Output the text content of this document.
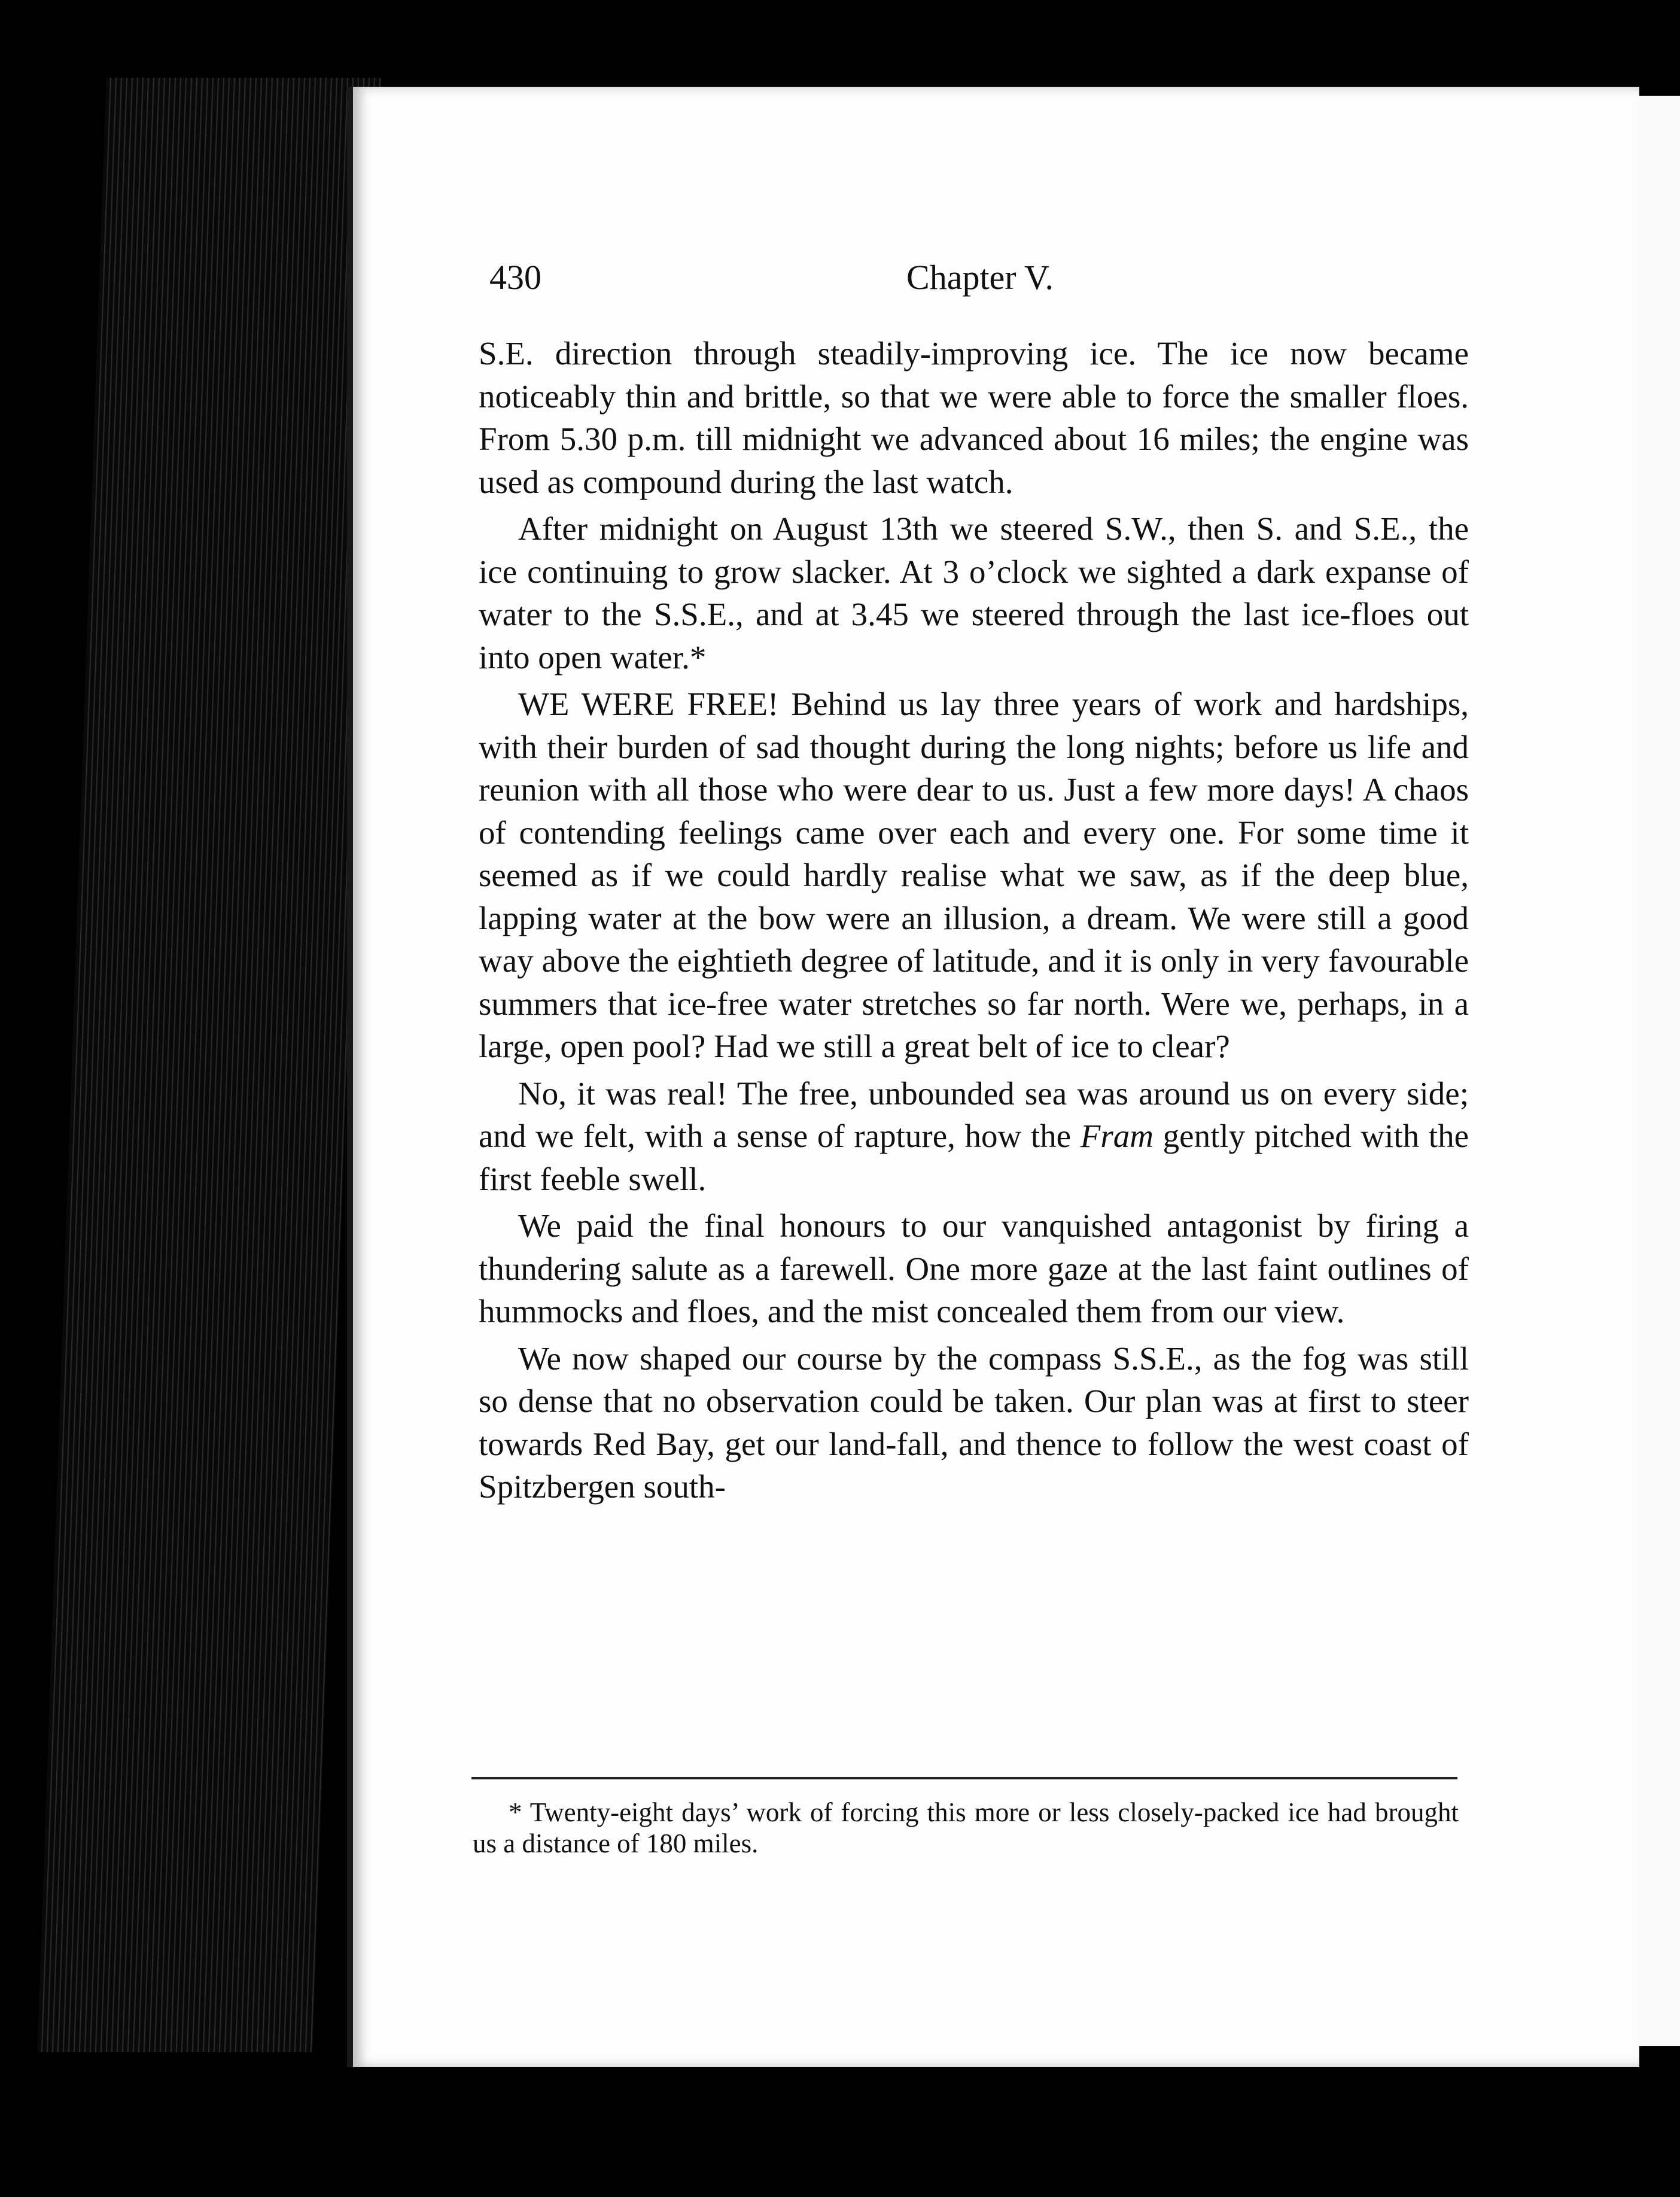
430	Chapter V.

S.E. direction through steadily-improving ice. The ice now became noticeably thin and brittle, so that we were able to force the smaller floes. From 5.30 p.m. till midnight we advanced about 16 miles; the engine was used as compound during the last watch.

After midnight on August 13th we steered S.W., then S. and S.E., the ice continuing to grow slacker. At 3 o’clock we sighted a dark expanse of water to the S.S.E., and at 3.45 we steered through the last ice-floes out into open water.*

WE WERE FREE! Behind us lay three years of work and hardships, with their burden of sad thought during the long nights; before us life and reunion with all those who were dear to us. Just a few more days! A chaos of contending feelings came over each and every one. For some time it seemed as if we could hardly realise what we saw, as if the deep blue, lapping water at the bow were an illusion, a dream. We were still a good way above the eightieth degree of latitude, and it is only in very favourable summers that ice-free water stretches so far north. Were we, perhaps, in a large, open pool? Had we still a great belt of ice to clear?

No, it was real! The free, unbounded sea was around us on every side; and we felt, with a sense of rapture, how the Fram gently pitched with the first feeble swell.

We paid the final honours to our vanquished antagonist by firing a thundering salute as a farewell. One more gaze at the last faint outlines of hummocks and floes, and the mist concealed them from our view.

We now shaped our course by the compass S.S.E., as the fog was still so dense that no observation could be taken. Our plan was at first to steer towards Red Bay, get our land-fall, and thence to follow the west coast of Spitzbergen south-

* Twenty-eight days’ work of forcing this more or less closely-packed ice had brought us a distance of 180 miles.
